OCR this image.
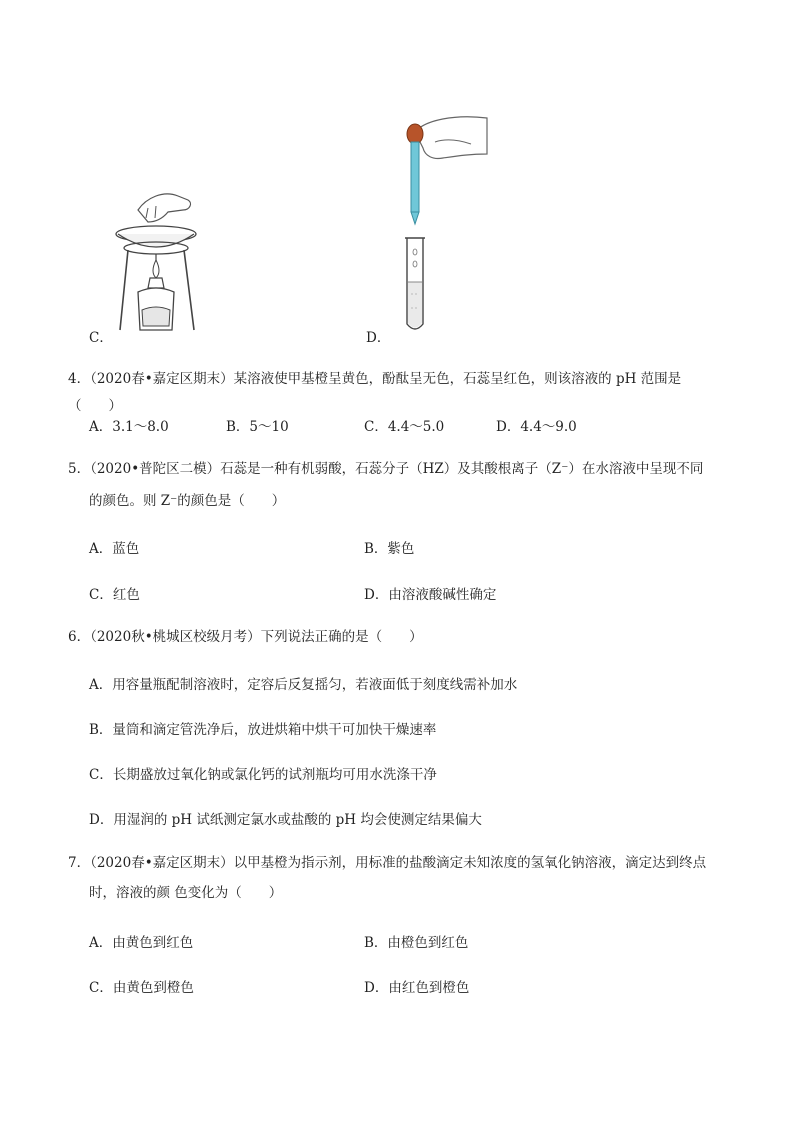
C．	D．
4．（2020春•嘉定区期末）某溶液使甲基橙呈黄色，酚酞呈无色，石蕊呈红色，则该溶液的 pH 范围是（　　）
A．3.1～8.0	B．5～10	C．4.4～5.0	D．4.4～9.0
5．（2020•普陀区二模）石蕊是一种有机弱酸，石蕊分子（HZ）及其酸根离子（Z⁻）在水溶液中呈现不同
的颜色。则 Z⁻的颜色是（　　）
A．蓝色	B．紫色
C．红色	D．由溶液酸碱性确定
6．（2020秋•桃城区校级月考）下列说法正确的是（　　）
A．用容量瓶配制溶液时，定容后反复摇匀，若液面低于刻度线需补加水
B．量筒和滴定管洗净后，放进烘箱中烘干可加快干燥速率
C．长期盛放过氧化钠或氯化钙的试剂瓶均可用水洗涤干净
D．用湿润的 pH 试纸测定氯水或盐酸的 pH 均会使测定结果偏大
7．（2020春•嘉定区期末）以甲基橙为指示剂，用标准的盐酸滴定未知浓度的氢氧化钠溶液，滴定达到终点
时，溶液的颜 色变化为（　　）
A．由黄色到红色	B．由橙色到红色
C．由黄色到橙色	D．由红色到橙色
